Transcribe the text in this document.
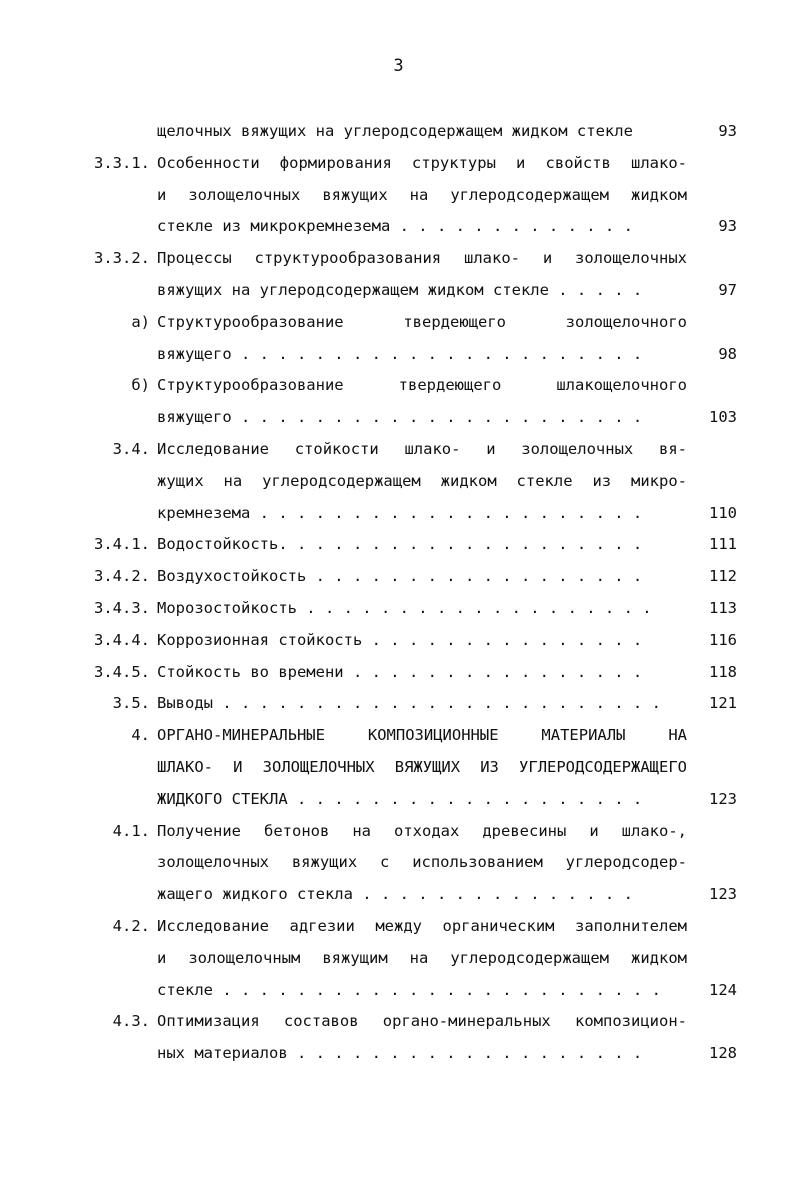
3
щелочных вяжущих на углеродсодержащем жидком стекле	93
3.3.1. Особенности формирования структуры и свойств шлако-
и золощелочных вяжущих на углеродсодержащем жидком
стекле из микрокремнезема . . . . . . . . . . . . .	93
3.3.2. Процессы структурообразования шлако- и золощелочных
вяжущих на углеродсодержащем жидком стекле . . . . .	97
а) Структурообразование твердеющего золощелочного
вяжущего . . . . . . . . . . . . . . . . . . . . . .	98
б) Структурообразование твердеющего шлакощелочного
вяжущего . . . . . . . . . . . . . . . . . . . . . .	103
3.4. Исследование стойкости шлако- и золощелочных вя-
жущих на углеродсодержащем жидком стекле из микро-
кремнезема . . . . . . . . . . . . . . . . . . . . .	110
3.4.1. Водостойкость. . . . . . . . . . . . . . . . . . . .	111
3.4.2. Воздухостойкость . . . . . . . . . . . . . . . . . .	112
3.4.3. Морозостойкость . . . . . . . . . . . . . . . . . . .	113
3.4.4. Коррозионная стойкость . . . . . . . . . . . . . . .	116
3.4.5. Стойкость во времени . . . . . . . . . . . . . . . .	118
3.5. Выводы . . . . . . . . . . . . . . . . . . . . . . . .	121
4. ОРГАНО-МИНЕРАЛЬНЫЕ КОМПОЗИЦИОННЫЕ МАТЕРИАЛЫ НА
ШЛАКО- И ЗОЛОЩЕЛОЧНЫХ ВЯЖУЩИХ ИЗ УГЛЕРОДСОДЕРЖАЩЕГО
ЖИДКОГО СТЕКЛА . . . . . . . . . . . . . . . . . . .	123
4.1. Получение бетонов на отходах древесины и шлако-,
золощелочных вяжущих с использованием углеродсодер-
жащего жидкого стекла . . . . . . . . . . . . . . .	123
4.2. Исследование адгезии между органическим заполнителем
и золощелочным вяжущим на углеродсодержащем жидком
стекле . . . . . . . . . . . . . . . . . . . . . . . .	124
4.3. Оптимизация составов органо-минеральных композицион-
ных материалов . . . . . . . . . . . . . . . . . . .	128
